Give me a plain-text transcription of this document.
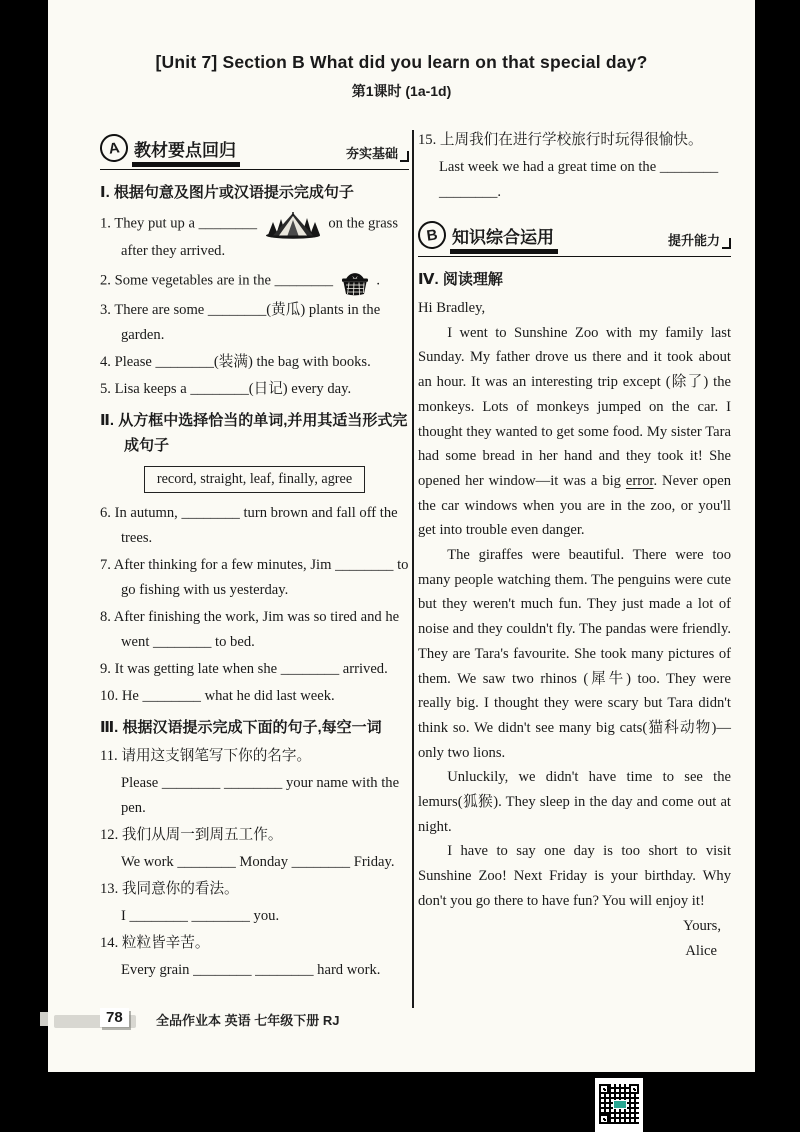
[Unit 7] Section B What did you learn on that special day?
第1课时 (1a-1d)
A 教材要点回归	夯实基础
Ⅰ. 根据句意及图片或汉语提示完成句子
1. They put up a ________	on the grass after they arrived.
2. Some vegetables are in the ________	.
3. There are some ________(黄瓜) plants in the garden.
4. Please ________(装满) the bag with books.
5. Lisa keeps a ________(日记) every day.
Ⅱ. 从方框中选择恰当的单词,并用其适当形式完成句子
record, straight, leaf, finally, agree
6. In autumn, ________ turn brown and fall off the trees.
7. After thinking for a few minutes, Jim ________ to go fishing with us yesterday.
8. After finishing the work, Jim was so tired and he went ________ to bed.
9. It was getting late when she ________ arrived.
10. He ________ what he did last week.
Ⅲ. 根据汉语提示完成下面的句子,每空一词
11. 请用这支钢笔写下你的名字。
Please ________ ________ your name with the pen.
12. 我们从周一到周五工作。
We work ________ Monday ________ Friday.
13. 我同意你的看法。
I ________ ________ you.
14. 粒粒皆辛苦。
Every grain ________ ________ hard work.
15. 上周我们在进行学校旅行时玩得很愉快。
Last week we had a great time on the ________ ________.
B 知识综合运用	提升能力
Ⅳ. 阅读理解

Hi Bradley,

I went to Sunshine Zoo with my family last Sunday. My father drove us there and it took about an hour. It was an interesting trip except (除了) the monkeys. Lots of monkeys jumped on the car. I thought they wanted to get some food. My sister Tara had some bread in her hand and they took it! She opened her window—it was a big error. Never open the car windows when you are in the zoo, or you'll get into trouble even danger.

The giraffes were beautiful. There were too many people watching them. The penguins were cute but they weren't much fun. They just made a lot of noise and they couldn't fly. The pandas were friendly. They are Tara's favourite. She took many pictures of them. We saw two rhinos (犀牛) too. They were really big. I thought they were scary but Tara didn't think so. We didn't see many big cats(猫科动物)—only two lions.

Unluckily, we didn't have time to see the lemurs(狐猴). They sleep in the day and come out at night.

I have to say one day is too short to visit Sunshine Zoo! Next Friday is your birthday. Why don't you go there to have fun? You will enjoy it!

Yours,
Alice
78	全品作业本 英语 七年级下册 RJ
